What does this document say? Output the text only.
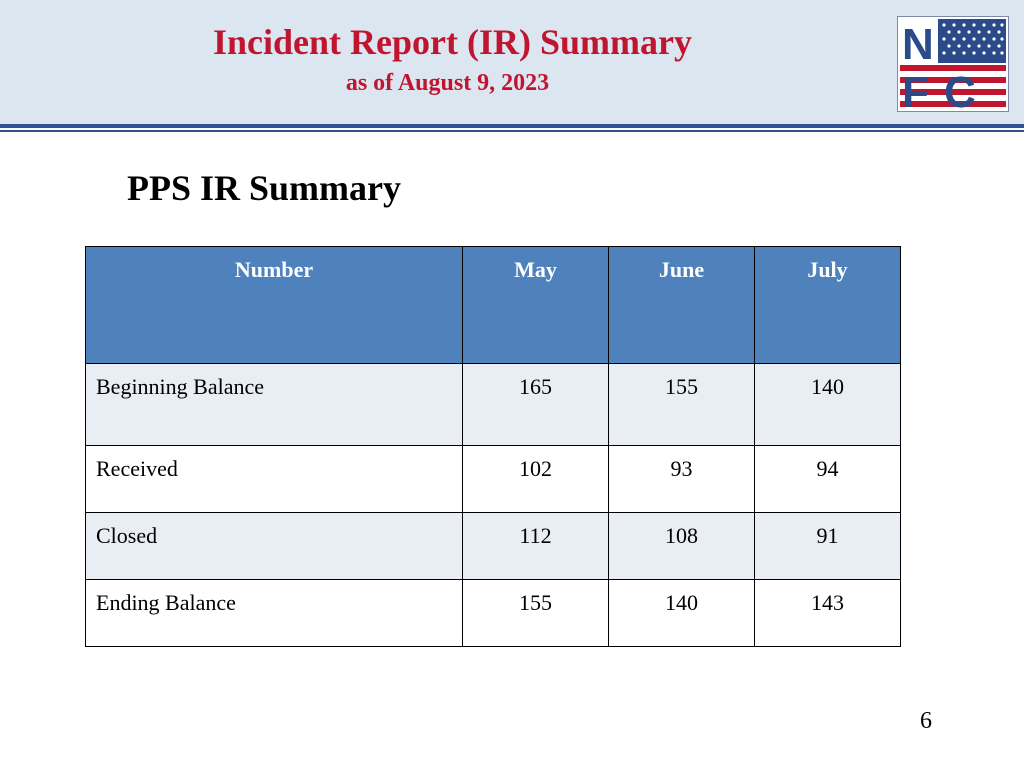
Incident Report (IR) Summary
as of August 9, 2023
N
F C
PPS IR Summary
Number	May	June	July
Beginning Balance	165	155	140
Received	102	93	94
Closed	112	108	91
Ending Balance	155	140	143
6
